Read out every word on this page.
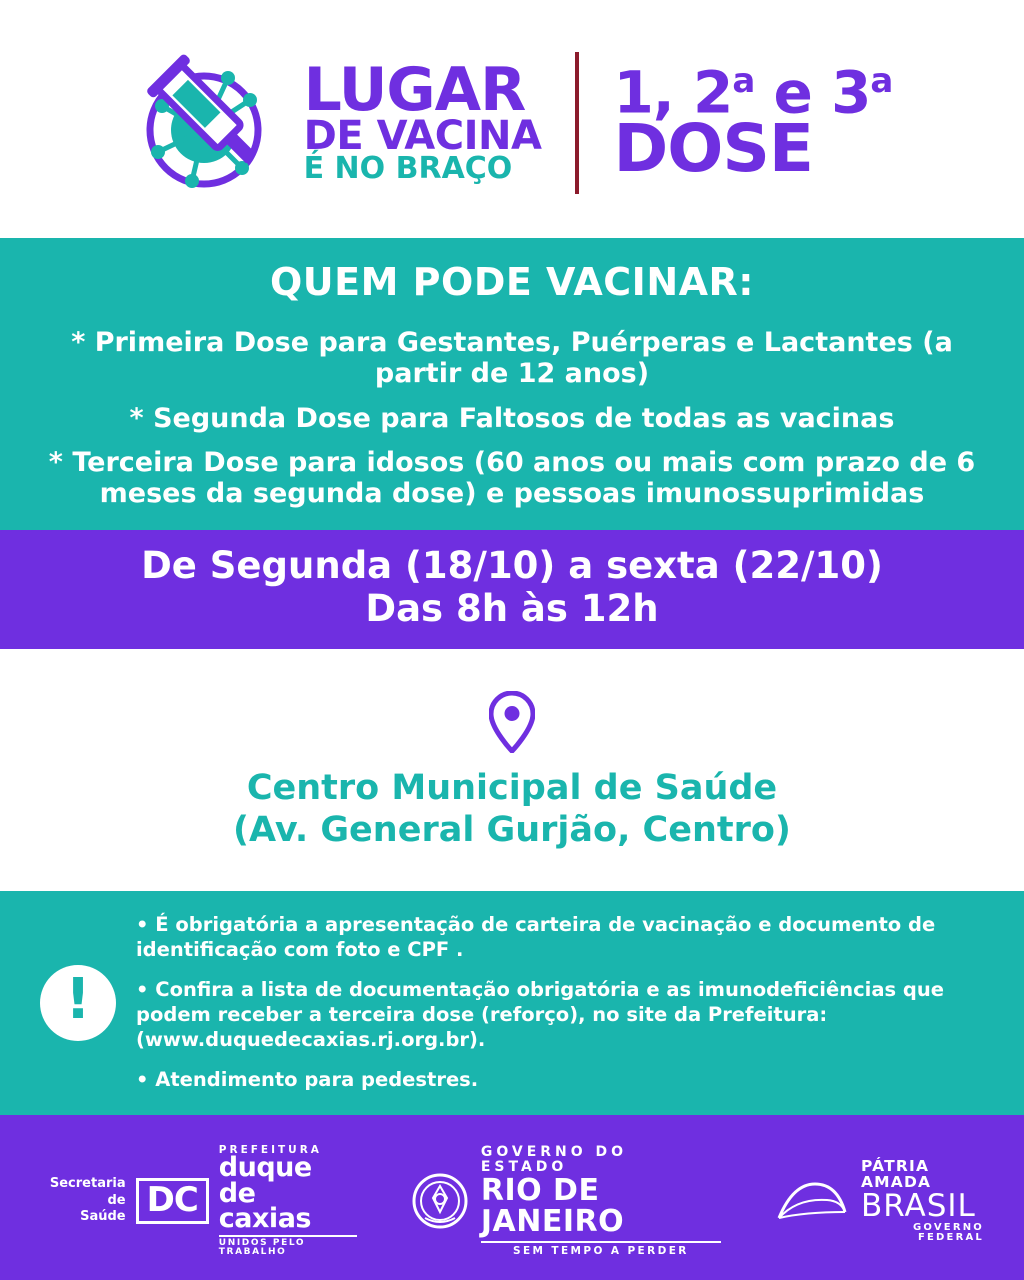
LUGAR
DE VACINA
É NO BRAÇO
1, 2$^a$ e 3$^a$
DOSE
QUEM PODE VACINAR:
* Primeira Dose para Gestantes, Puérperas e Lactantes (a partir de 12 anos)
* Segunda Dose para Faltosos de todas as vacinas
* Terceira Dose para idosos (60 anos ou mais com prazo de 6 meses da segunda dose) e pessoas imunossuprimidas
De Segunda (18/10) a sexta (22/10)
Das 8h às 12h
Centro Municipal de Saúde
(Av. General Gurjão, Centro)
!
• É obrigatória a apresentação de carteira de vacinação e documento de identificação com foto e CPF .
• Confira a lista de documentação obrigatória e as imunodeficiências que podem receber a terceira dose (reforço), no site da Prefeitura: (www.duquedecaxias.rj.org.br).
• Atendimento para pedestres.
Secretaria de
Saúde DC
PREFEITURA
duque de
caxias
UNIDOS PELO TRABALHO
GOVERNO DO ESTADO
RIO DE JANEIRO
SEM TEMPO A PERDER
PÁTRIA AMADA
BRASIL
GOVERNO FEDERAL
